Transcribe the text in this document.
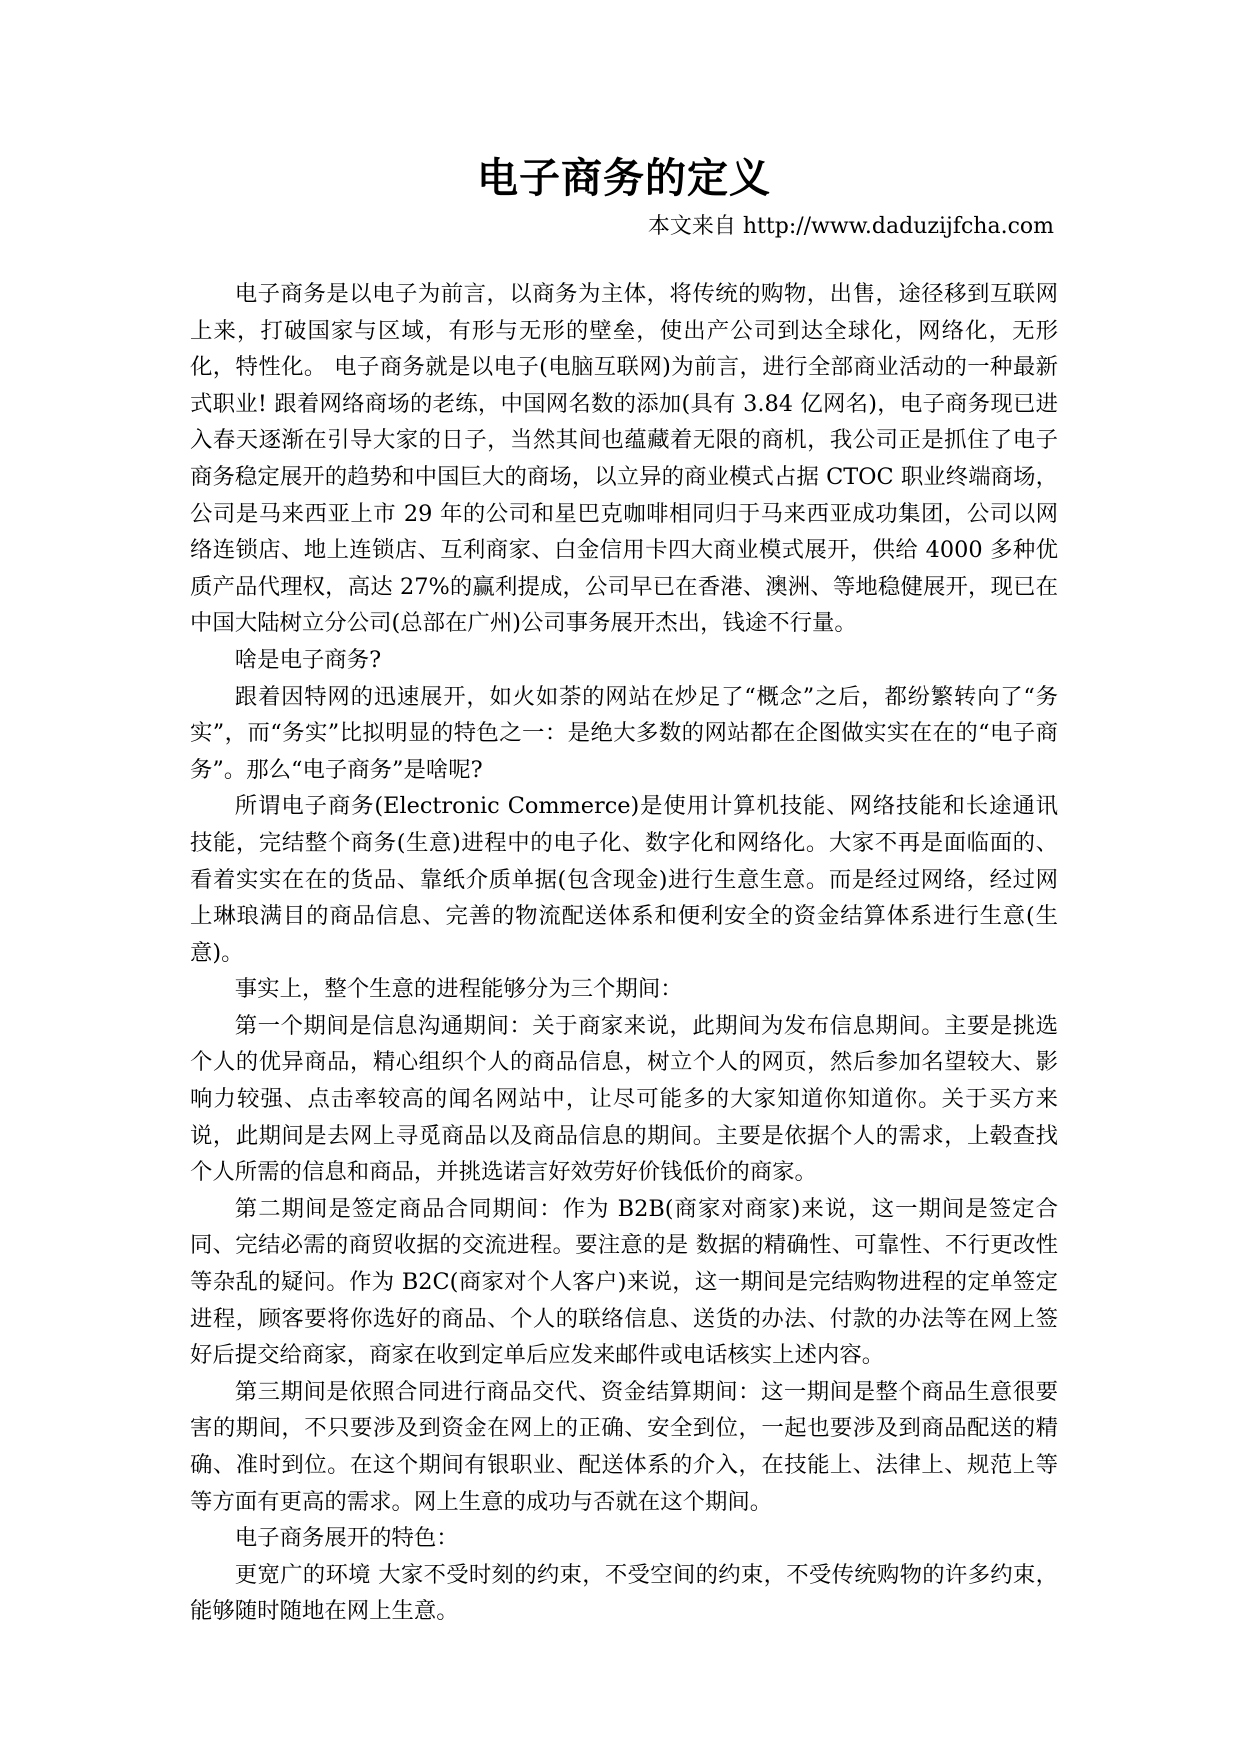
电子商务的定义
本文来自 http://www.daduzijfcha.com

电子商务是以电子为前言，以商务为主体，将传统的购物，出售，途径移到互联网上来，打破国家与区域，有形与无形的壁垒，使出产公司到达全球化，网络化，无形化，特性化。 电子商务就是以电子(电脑互联网)为前言，进行全部商业活动的一种最新式职业! 跟着网络商场的老练，中国网名数的添加(具有 3.84 亿网名)，电子商务现已进入春天逐渐在引导大家的日子，当然其间也蕴藏着无限的商机，我公司正是抓住了电子商务稳定展开的趋势和中国巨大的商场，以立异的商业模式占据 CTOC 职业终端商场，公司是马来西亚上市 29 年的公司和星巴克咖啡相同归于马来西亚成功集团，公司以网络连锁店、地上连锁店、互利商家、白金信用卡四大商业模式展开，供给 4000 多种优质产品代理权，高达 27%的赢利提成，公司早已在香港、澳洲、等地稳健展开，现已在中国大陆树立分公司(总部在广州)公司事务展开杰出，钱途不行量。

啥是电子商务?

跟着因特网的迅速展开，如火如荼的网站在炒足了“概念”之后，都纷繁转向了“务实”，而“务实”比拟明显的特色之一：是绝大多数的网站都在企图做实实在在的“电子商务”。那么“电子商务”是啥呢?

所谓电子商务(Electronic Commerce)是使用计算机技能、网络技能和长途通讯技能，完结整个商务(生意)进程中的电子化、数字化和网络化。大家不再是面临面的、看着实实在在的货品、靠纸介质单据(包含现金)进行生意生意。而是经过网络，经过网上琳琅满目的商品信息、完善的物流配送体系和便利安全的资金结算体系进行生意(生意)。

事实上，整个生意的进程能够分为三个期间：

第一个期间是信息沟通期间：关于商家来说，此期间为发布信息期间。主要是挑选个人的优异商品，精心组织个人的商品信息，树立个人的网页，然后参加名望较大、影响力较强、点击率较高的闻名网站中，让尽可能多的大家知道你知道你。关于买方来说，此期间是去网上寻觅商品以及商品信息的期间。主要是依据个人的需求，上毂查找个人所需的信息和商品，并挑选诺言好效劳好价钱低价的商家。

第二期间是签定商品合同期间：作为 B2B(商家对商家)来说，这一期间是签定合同、完结必需的商贸收据的交流进程。要注意的是 数据的精确性、可靠性、不行更改性等杂乱的疑问。作为 B2C(商家对个人客户)来说，这一期间是完结购物进程的定单签定进程，顾客要将你选好的商品、个人的联络信息、送货的办法、付款的办法等在网上签好后提交给商家，商家在收到定单后应发来邮件或电话核实上述内容。

第三期间是依照合同进行商品交代、资金结算期间：这一期间是整个商品生意很要害的期间，不只要涉及到资金在网上的正确、安全到位，一起也要涉及到商品配送的精确、准时到位。在这个期间有银职业、配送体系的介入，在技能上、法律上、规范上等等方面有更高的需求。网上生意的成功与否就在这个期间。

电子商务展开的特色：

更宽广的环境 大家不受时刻的约束，不受空间的约束，不受传统购物的许多约束，能够随时随地在网上生意。
